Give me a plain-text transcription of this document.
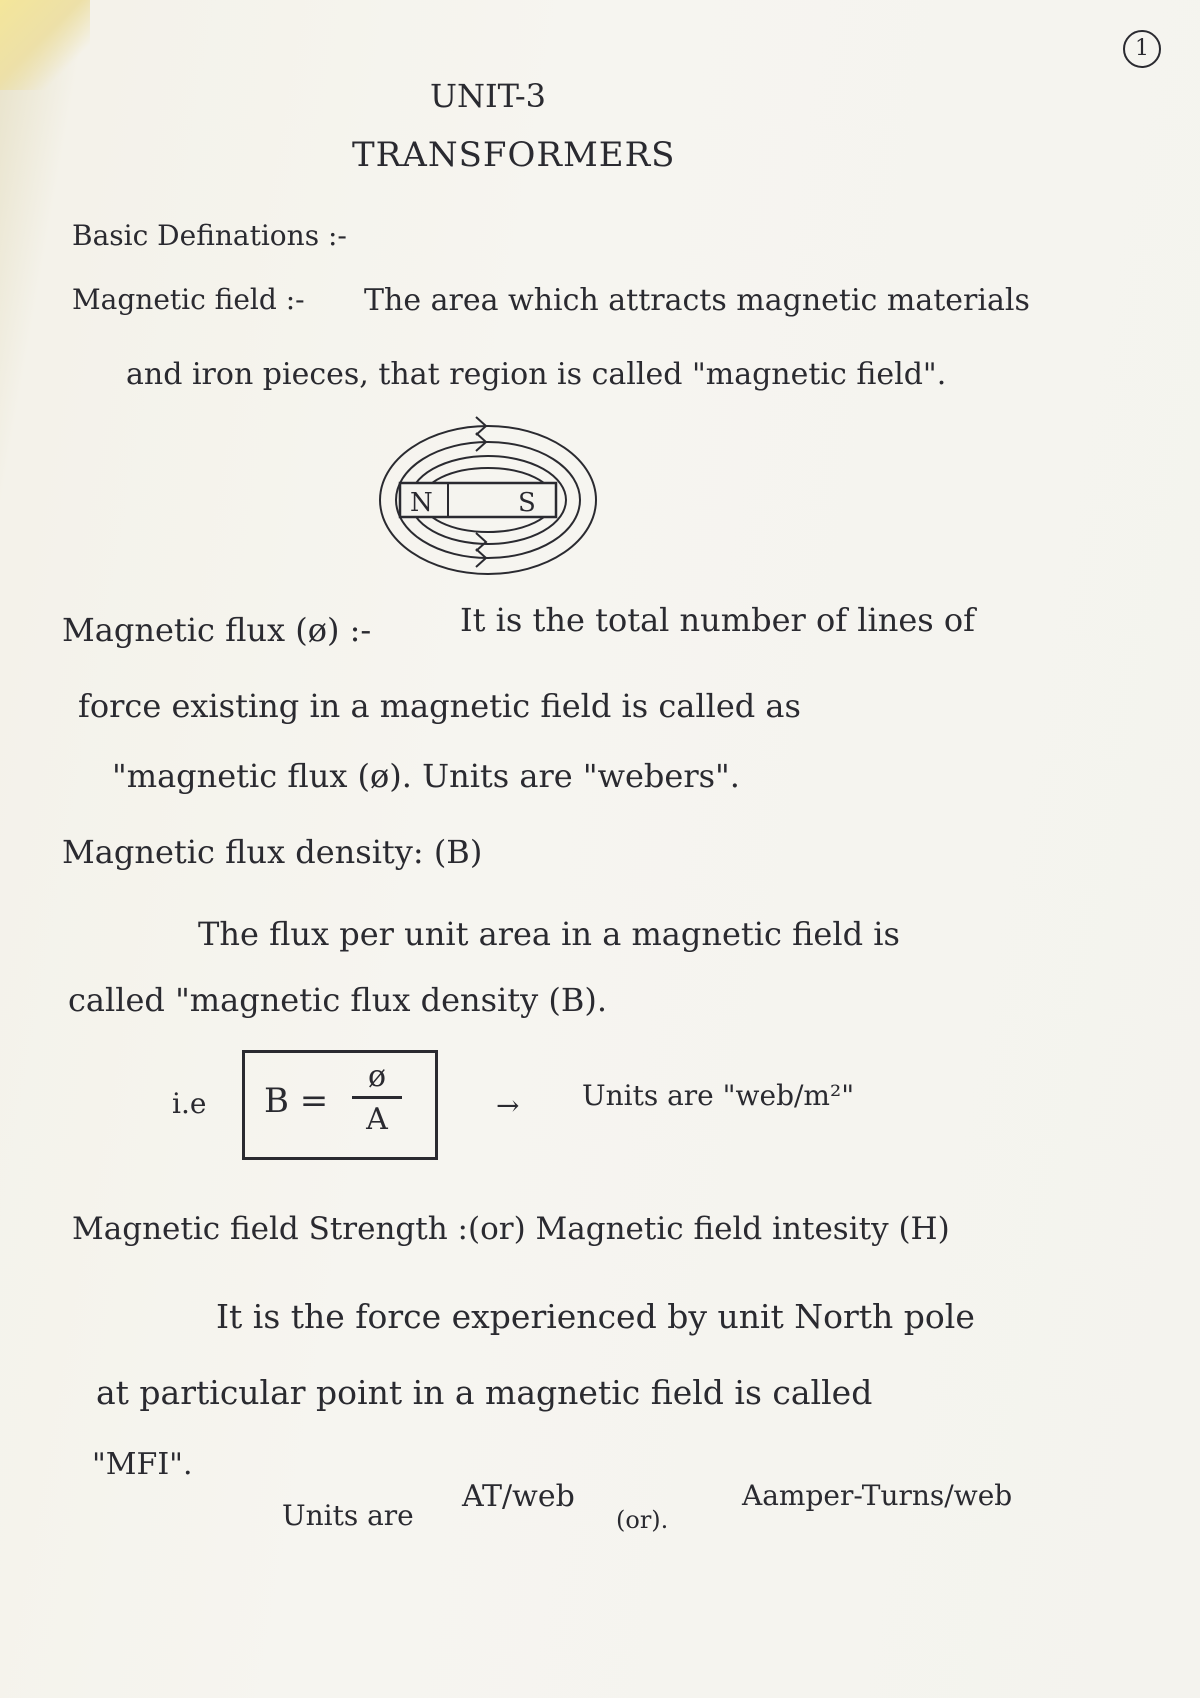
1
UNIT-3
TRANSFORMERS
Basic Definations :-
Magnetic field :- The area which attracts magnetic materials
and iron pieces, that region is called "magnetic field".
N	S
Magnetic flux (ø) :-	It is the total number of lines of
force existing in a magnetic field is called as
"magnetic flux (ø). Units are "webers".
Magnetic flux density: (B)
The flux per unit area in a magnetic field is
called "magnetic flux density (B).
i.e B =
ø
A	→ Units are "web/m²"
Magnetic field Strength :(or) Magnetic field intesity (H)
It is the force experienced by unit North pole
at particular point in a magnetic field is called
"MFI".
Units are
AT/web
(or).
Aamper-Turns/web
